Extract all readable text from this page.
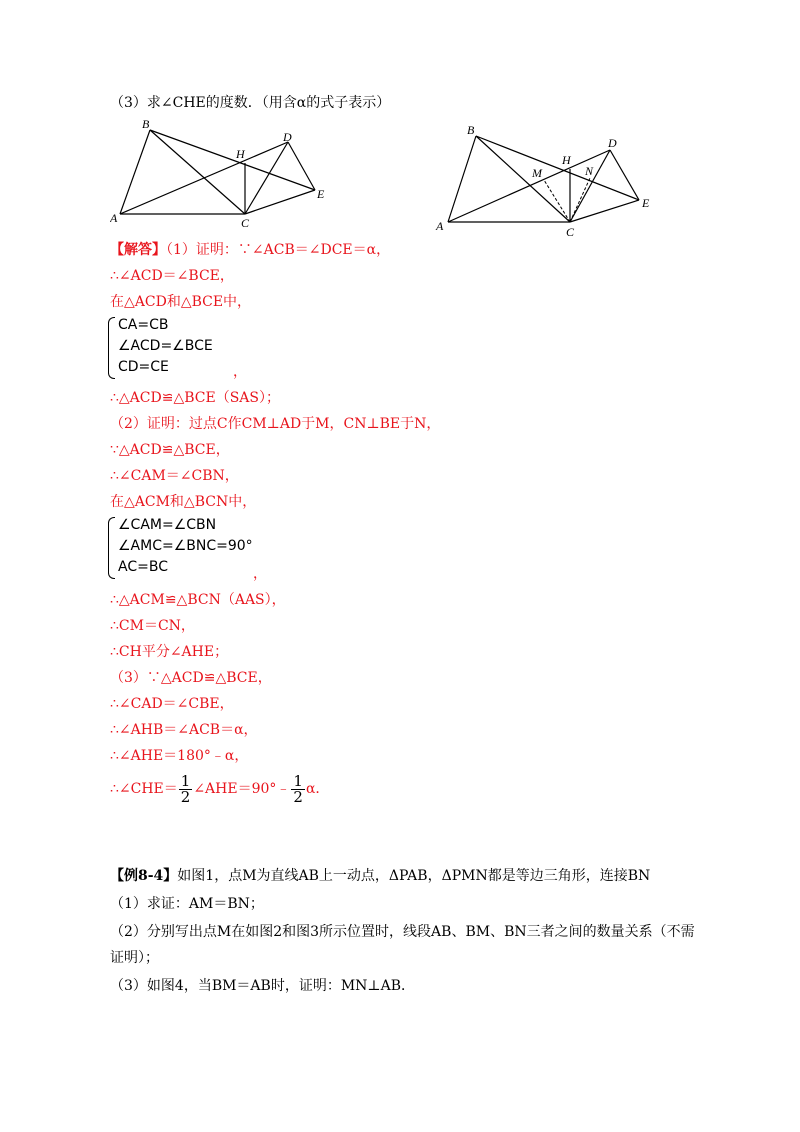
（3）求∠CHE的度数．（用含α的式子表示）
A
B
C
D
E
H
A
B
C
D
E
H
M	N
【解答】（1）证明：∵∠ACB＝∠DCE＝α，
∴∠ACD＝∠BCE，
在△ACD和△BCE中，
CA=CB
∠ACD=∠BCE
CD=CE	，
∴△ACD≌△BCE（SAS）；
（2）证明：过点C作CM⊥AD于M，CN⊥BE于N，
∵△ACD≌△BCE，
∴∠CAM＝∠CBN，
在△ACM和△BCN中，
∠CAM=∠CBN
∠AMC=∠BNC=90°
AC=BC	，
∴△ACM≌△BCN（AAS），
∴CM＝CN，
∴CH平分∠AHE；
（3）∵△ACD≌△BCE，
∴∠CAD＝∠CBE，
∴∠AHB＝∠ACB＝α，
∴∠AHE＝180°﹣α，
∴∠CHE＝ $\frac{1}{2}$ ∠AHE＝90°﹣ $\frac{1}{2}$ α．
【例8-4】如图1，点M为直线AB上一动点，ΔPAB，ΔPMN都是等边三角形，连接BN
（1）求证：AM＝BN；
（2）分别写出点M在如图2和图3所示位置时，线段AB、BM、BN三者之间的数量关系（不需
证明）；
（3）如图4，当BM＝AB时，证明：MN⊥AB．
